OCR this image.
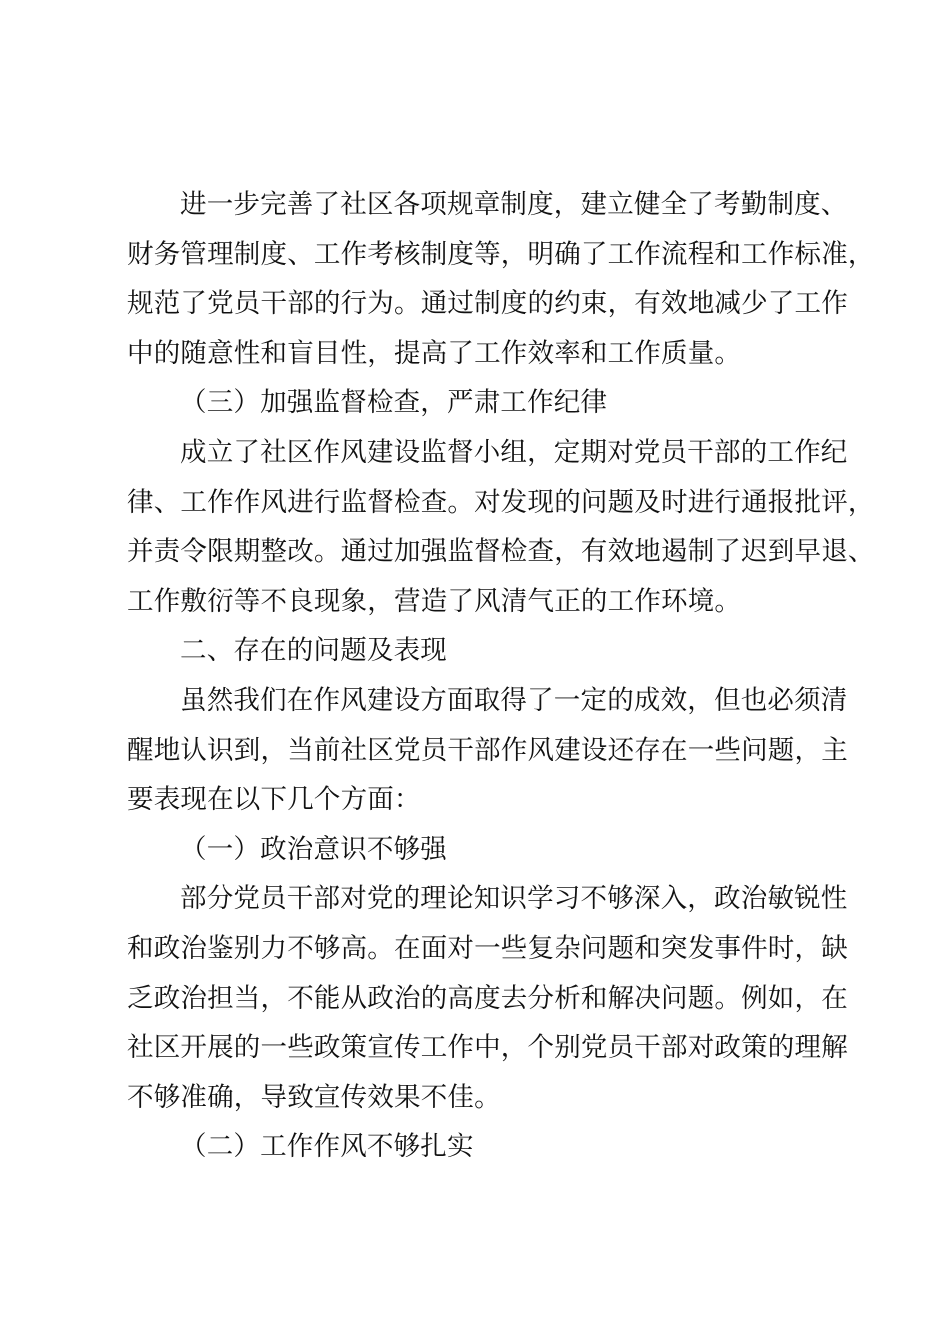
进一步完善了社区各项规章制度，建立健全了考勤制度、
财务管理制度、工作考核制度等，明确了工作流程和工作标准，
规范了党员干部的行为。通过制度的约束，有效地减少了工作
中的随意性和盲目性，提高了工作效率和工作质量。
（三）加强监督检查，严肃工作纪律
成立了社区作风建设监督小组，定期对党员干部的工作纪
律、工作作风进行监督检查。对发现的问题及时进行通报批评，
并责令限期整改。通过加强监督检查，有效地遏制了迟到早退、
工作敷衍等不良现象，营造了风清气正的工作环境。
二、存在的问题及表现
虽然我们在作风建设方面取得了一定的成效，但也必须清
醒地认识到，当前社区党员干部作风建设还存在一些问题，主
要表现在以下几个方面：
（一）政治意识不够强
部分党员干部对党的理论知识学习不够深入，政治敏锐性
和政治鉴别力不够高。在面对一些复杂问题和突发事件时，缺
乏政治担当，不能从政治的高度去分析和解决问题。例如，在
社区开展的一些政策宣传工作中，个别党员干部对政策的理解
不够准确，导致宣传效果不佳。
（二）工作作风不够扎实
